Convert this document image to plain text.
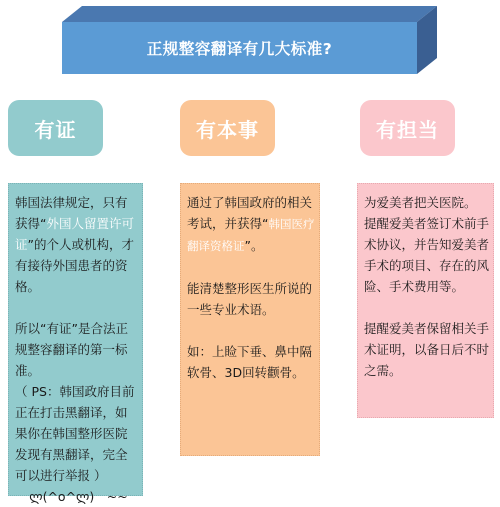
正规整容翻译有几大标准?
有证	有本事	有担当

韩国法律规定，只有获得“外国人留置许可证”的个人或机构，才有接待外国患者的资格。

所以“有证”是合法正规整容翻译的第一标准。

（ PS：韩国政府目前正在打击黑翻译，如果你在韩国整形医院发现有黑翻译，完全可以进行举报 ）

ლ(^o^ლ)　~~

通过了韩国政府的相关考试，并获得“韩国医疗翻译资格证”。

能清楚整形医生所说的一些专业术语。

如：上睑下垂、鼻中隔软骨、3D回转颧骨。

为爱美者把关医院。

提醒爱美者签订术前手术协议，并告知爱美者手术的项目、存在的风险、手术费用等。

提醒爱美者保留相关手术证明，以备日后不时之需。
